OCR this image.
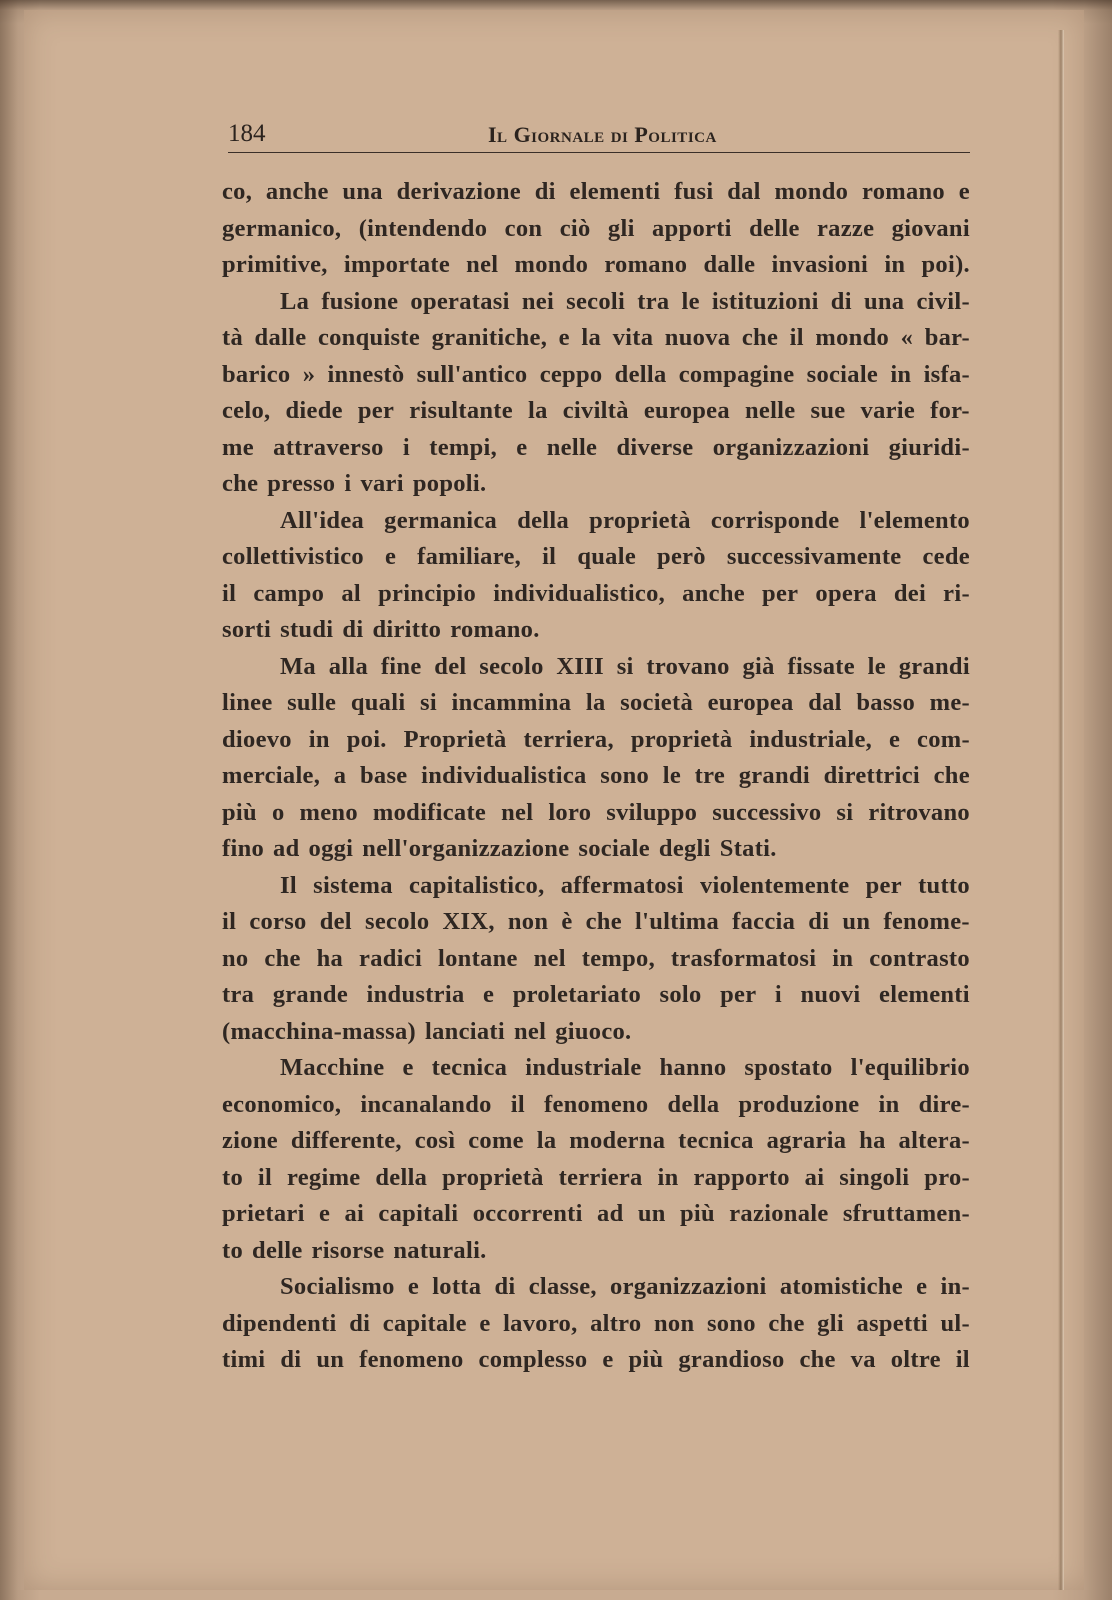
184	Il Giornale di Politica
co, anche una derivazione di elementi fusi dal mondo romano e
germanico, (intendendo con ciò gli apporti delle razze giovani
primitive, importate nel mondo romano dalle invasioni in poi).
La fusione operatasi nei secoli tra le istituzioni di una civil-
tà dalle conquiste granitiche, e la vita nuova che il mondo « bar-
barico » innestò sull'antico ceppo della compagine sociale in isfa-
celo, diede per risultante la civiltà europea nelle sue varie for-
me attraverso i tempi, e nelle diverse organizzazioni giuridi-
che presso i vari popoli.
All'idea germanica della proprietà corrisponde l'elemento
collettivistico e familiare, il quale però successivamente cede
il campo al principio individualistico, anche per opera dei ri-
sorti studi di diritto romano.
Ma alla fine del secolo XIII si trovano già fissate le grandi
linee sulle quali si incammina la società europea dal basso me-
dioevo in poi. Proprietà terriera, proprietà industriale, e com-
merciale, a base individualistica sono le tre grandi direttrici che
più o meno modificate nel loro sviluppo successivo si ritrovano
fino ad oggi nell'organizzazione sociale degli Stati.
Il sistema capitalistico, affermatosi violentemente per tutto
il corso del secolo XIX, non è che l'ultima faccia di un fenome-
no che ha radici lontane nel tempo, trasformatosi in contrasto
tra grande industria e proletariato solo per i nuovi elementi
(macchina-massa) lanciati nel giuoco.
Macchine e tecnica industriale hanno spostato l'equilibrio
economico, incanalando il fenomeno della produzione in dire-
zione differente, così come la moderna tecnica agraria ha altera-
to il regime della proprietà terriera in rapporto ai singoli pro-
prietari e ai capitali occorrenti ad un più razionale sfruttamen-
to delle risorse naturali.
Socialismo e lotta di classe, organizzazioni atomistiche e in-
dipendenti di capitale e lavoro, altro non sono che gli aspetti ul-
timi di un fenomeno complesso e più grandioso che va oltre il
